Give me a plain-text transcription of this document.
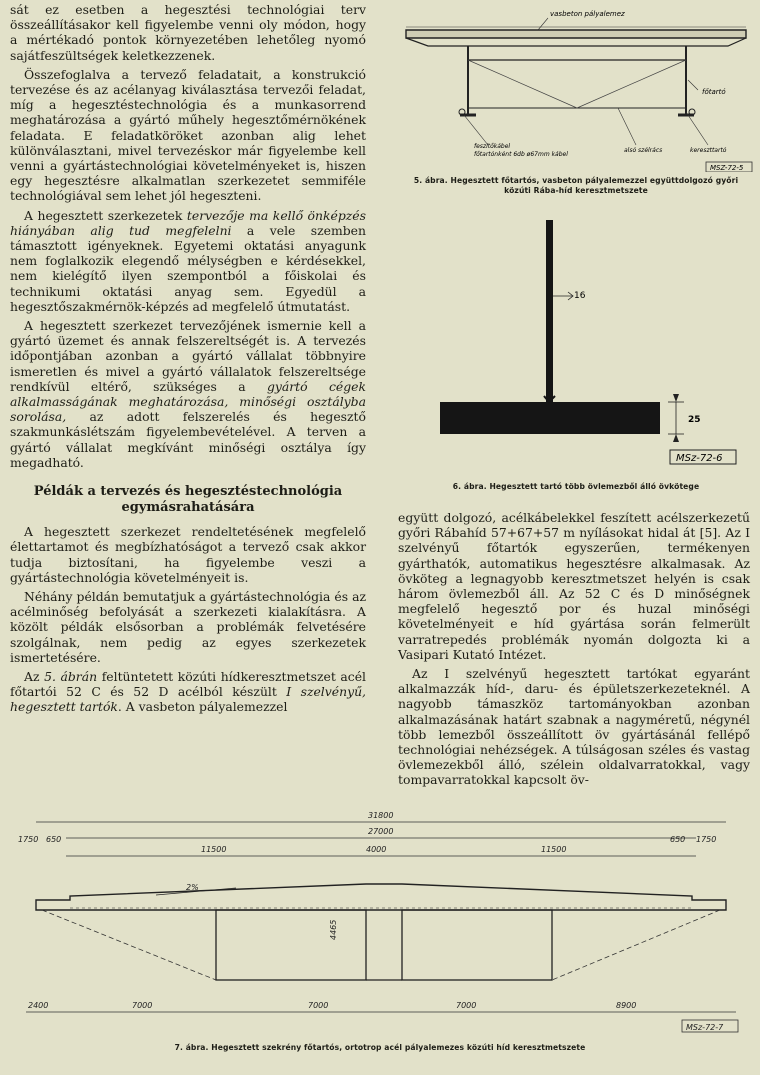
sát ez esetben a hegesztési technológiai terv összeállításakor kell figyelembe venni oly módon, hogy a mértékadó pontok környezetében lehetőleg nyomó sajátfeszültségek keletkezzenek.

Összefoglalva a tervező feladatait, a konstrukció tervezése és az acélanyag kiválasztása tervezői feladat, míg a hegesztéstechnológia és a munkasorrend meghatározása a gyártó műhely hegesztőmérnökének feladata. E feladatköröket azonban alig lehet különválasztani, mivel tervezéskor már figyelembe kell venni a gyártástechnológiai követelményeket is, hiszen egy hegesztésre alkalmatlan szerkezetet semmiféle technológiával sem lehet jól hegeszteni.

A hegesztett szerkezetek tervezője ma kellő önképzés hiányában alig tud megfelelni a vele szemben támasztott igényeknek. Egyetemi oktatási anyagunk nem foglalkozik elegendő mélységben e kérdésekkel, nem kielégítő ilyen szempontból a főiskolai és technikumi oktatási anyag sem. Egyedül a hegesztőszakmérnök-képzés ad megfelelő útmutatást.

A hegesztett szerkezet tervezőjének ismernie kell a gyártó üzemet és annak felszereltségét is. A tervezés időpontjában azonban a gyártó vállalat többnyire ismeretlen és mivel a gyártó vállalatok felszereltsége rendkívül eltérő, szükséges a gyártó cégek alkalmasságának meghatározása, minőségi osztályba sorolása, az adott felszerelés és hegesztő szakmunkáslétszám figyelembevételével. A terven a gyártó vállalat megkívánt minőségi osztálya így megadható.

Példák a tervezés és hegesztéstechnológia
egymásrahatására

A hegesztett szerkezet rendeltetésének megfelelő élettartamot és megbízhatóságot a tervező csak akkor tudja biztosítani, ha figyelembe veszi a gyártástechnológia követelményeit is.

Néhány példán bemutatjuk a gyártástechnológia és az acélminőség befolyását a szerkezeti kialakításra. A közölt példák elsősorban a problémák felvetésére szolgálnak, nem pedig az egyes szerkezetek ismertetésére.

Az 5. ábrán feltüntetett közúti hídkeresztmetszet acél főtartói 52 C és 52 D acélból készült I szelvényű, hegesztett tartók. A vasbeton pályalemezzel

vasbeton pályalemez
főtartó
feszítőkábel
főtartónként 6db ø67mm kábel
alsó szélrács	kereszttartó
MSZ-72-5
5. ábra. Hegesztett főtartós, vasbeton pályalemezzel együttdolgozó győri
közúti Rába-híd keresztmetszete
16
25
MSz-72-6
6. ábra. Hegesztett tartó több övlemezből álló övkötege

együtt dolgozó, acélkábelekkel feszített acélszerkezetű győri Rábahíd 57+67+57 m nyílásokat hidal át [5]. Az I szelvényű főtartók egyszerűen, termékenyen gyárthatók, automatikus hegesztésre alkalmasak. Az övköteg a legnagyobb keresztmetszet helyén is csak három övlemezből áll. Az 52 C és D minőségnek megfelelő hegesztő por és huzal minőségi követelményeit e híd gyártása során felmerült varratrepedés problémák nyomán dolgozta ki a Vasipari Kutató Intézet.

Az I szelvényű hegesztett tartókat egyaránt alkalmazzák híd-, daru- és épületszerkezeteknél. A nagyobb támaszköz tartományokban azonban alkalmazásának határt szabnak a nagyméretű, négynél több lemezből összeállított öv gyártásánál fellépő technológiai nehézségek. A túlságosan széles és vastag övlemezekből álló, szélein oldalvarratokkal, vagy tompavarratokkal kapcsolt öv-

31800
27000
1750 650	650 1750
11500	4000	11500
2%
4465
2400	7000	7000	7000	8900
MSz-72-7
7. ábra. Hegesztett szekrény főtartós, ortotrop acél pályalemezes közúti híd keresztmetszete
